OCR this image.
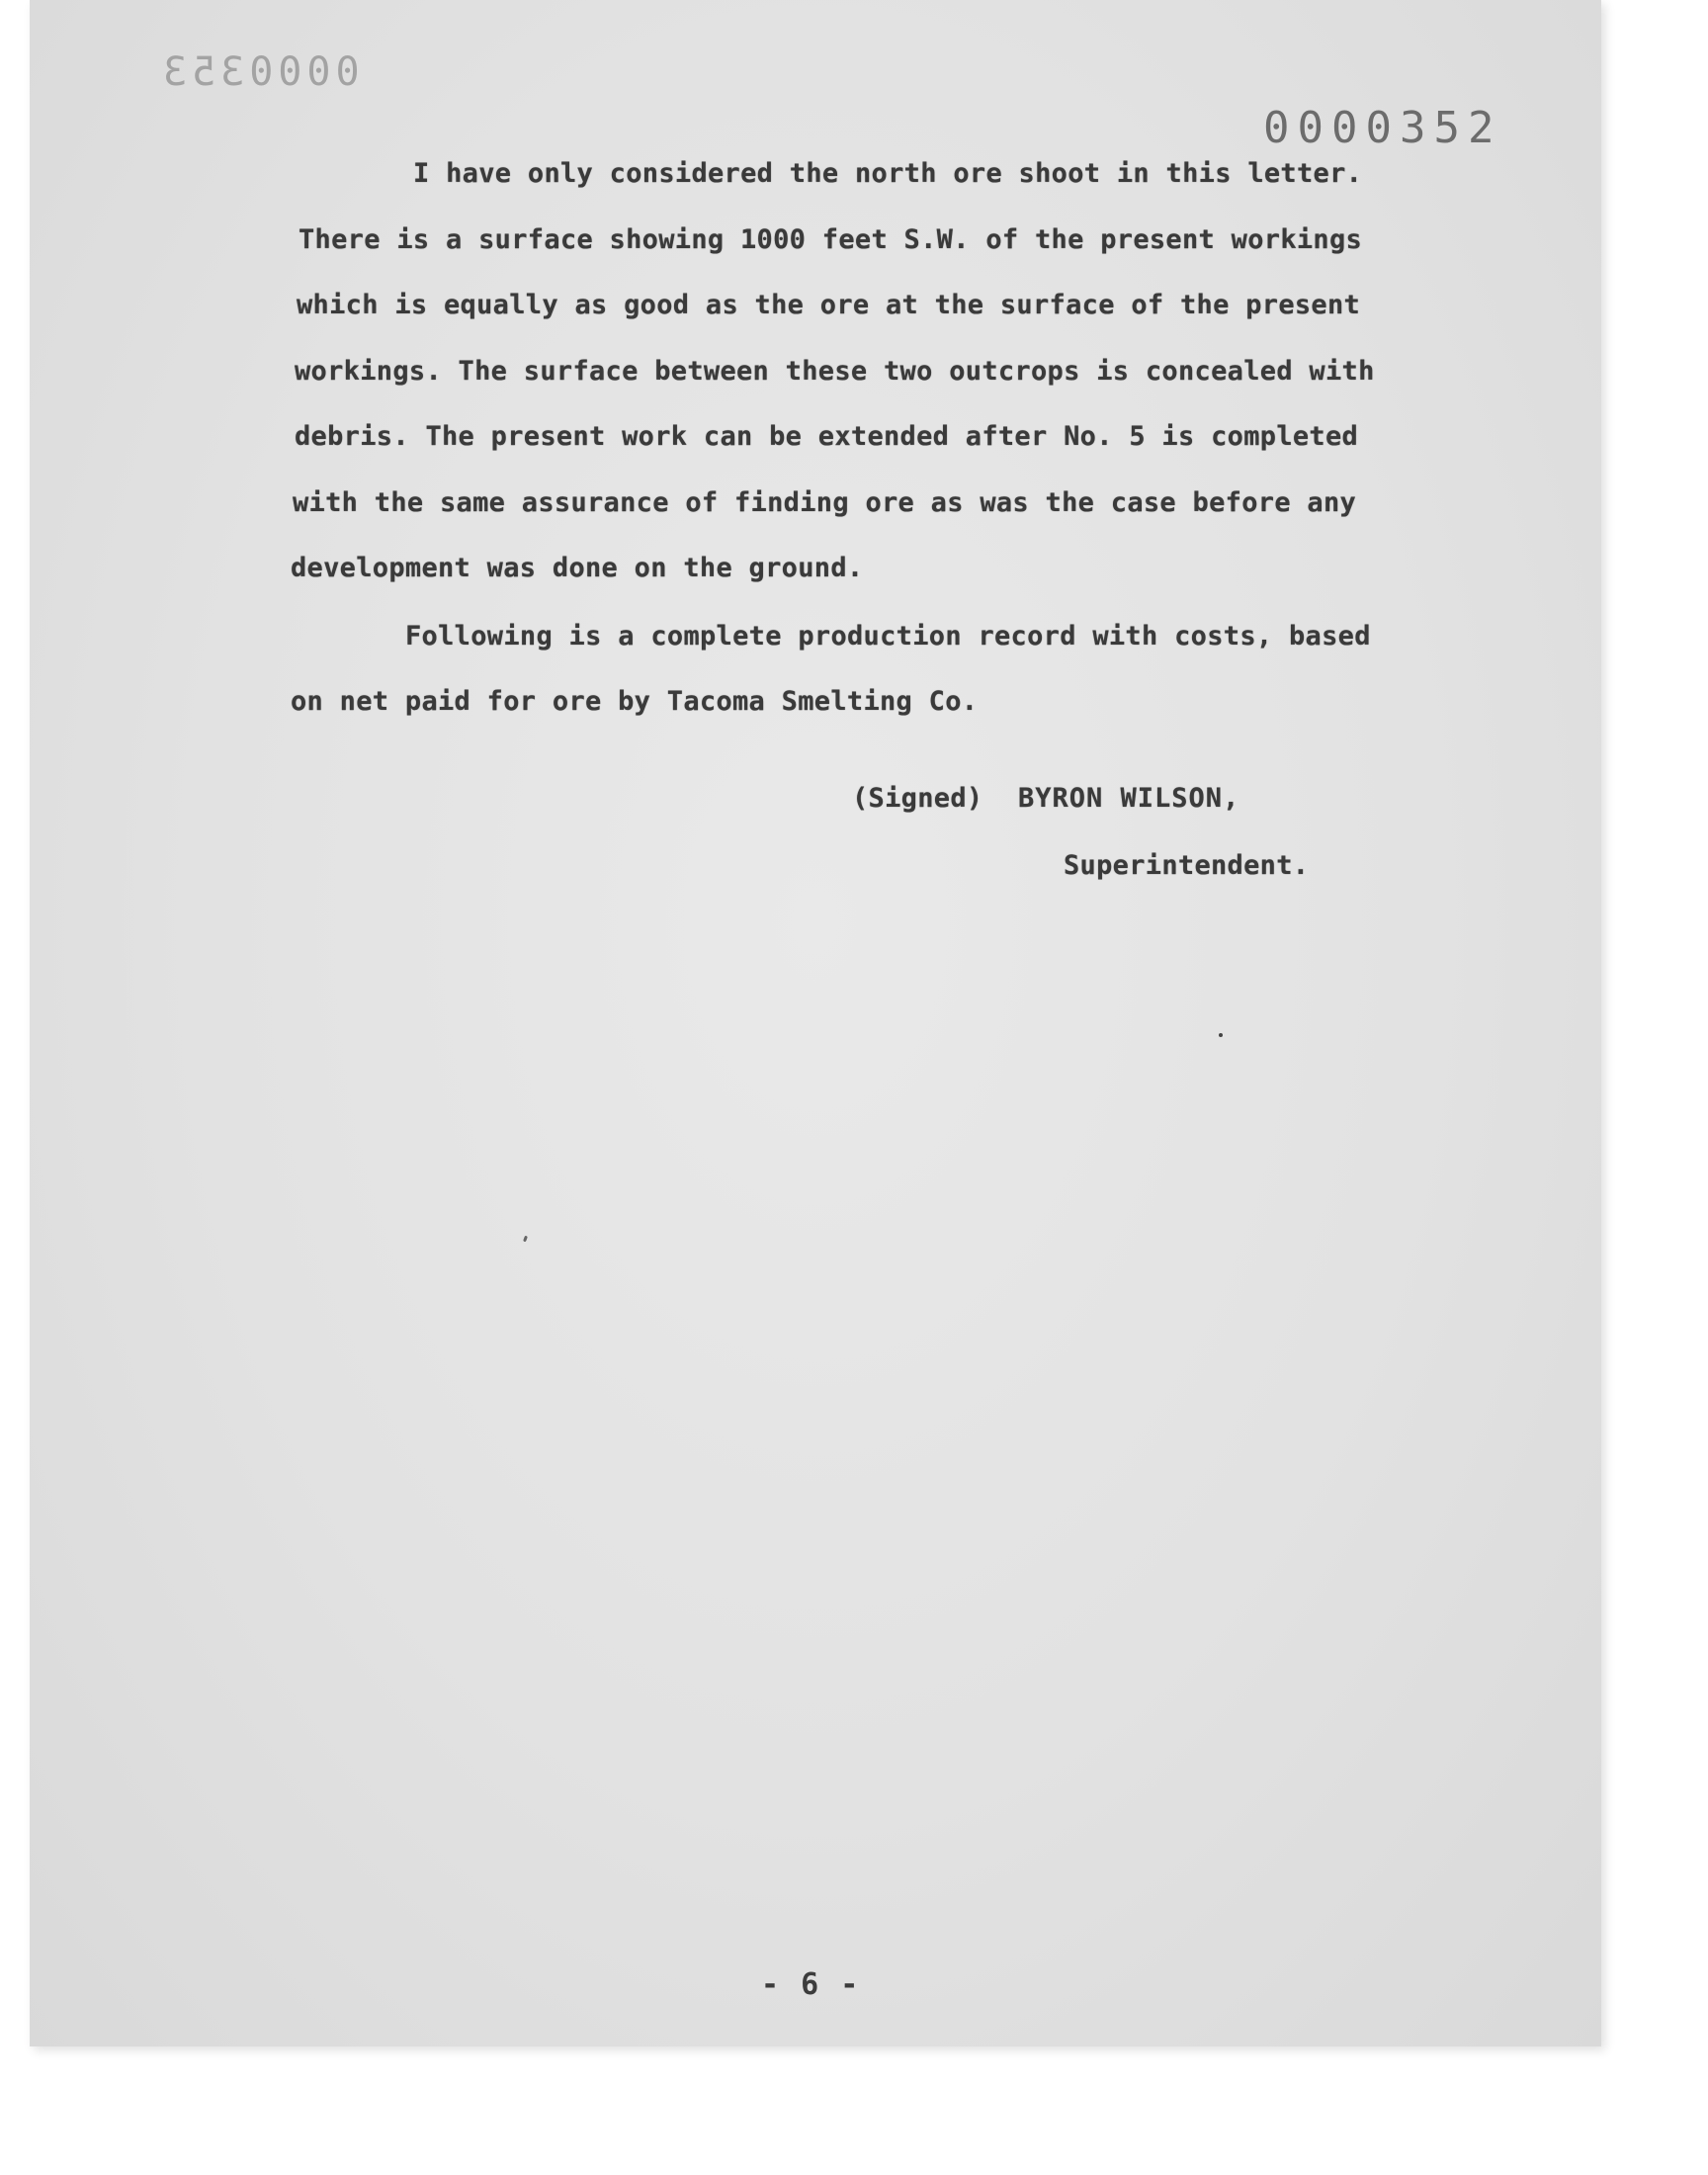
0000353
0000352
I have only considered the north ore shoot in this letter.
There is a surface showing 1000 feet S.W. of the present workings
which is equally as good as the ore at the surface of the present
workings. The surface between these two outcrops is concealed with
debris. The present work can be extended after No. 5 is completed
with the same assurance of finding ore as was the case before any
development was done on the ground.
Following is a complete production record with costs, based
on net paid for ore by Tacoma Smelting Co.
(Signed) BYRON WILSON,
Superintendent.
- 6 -
